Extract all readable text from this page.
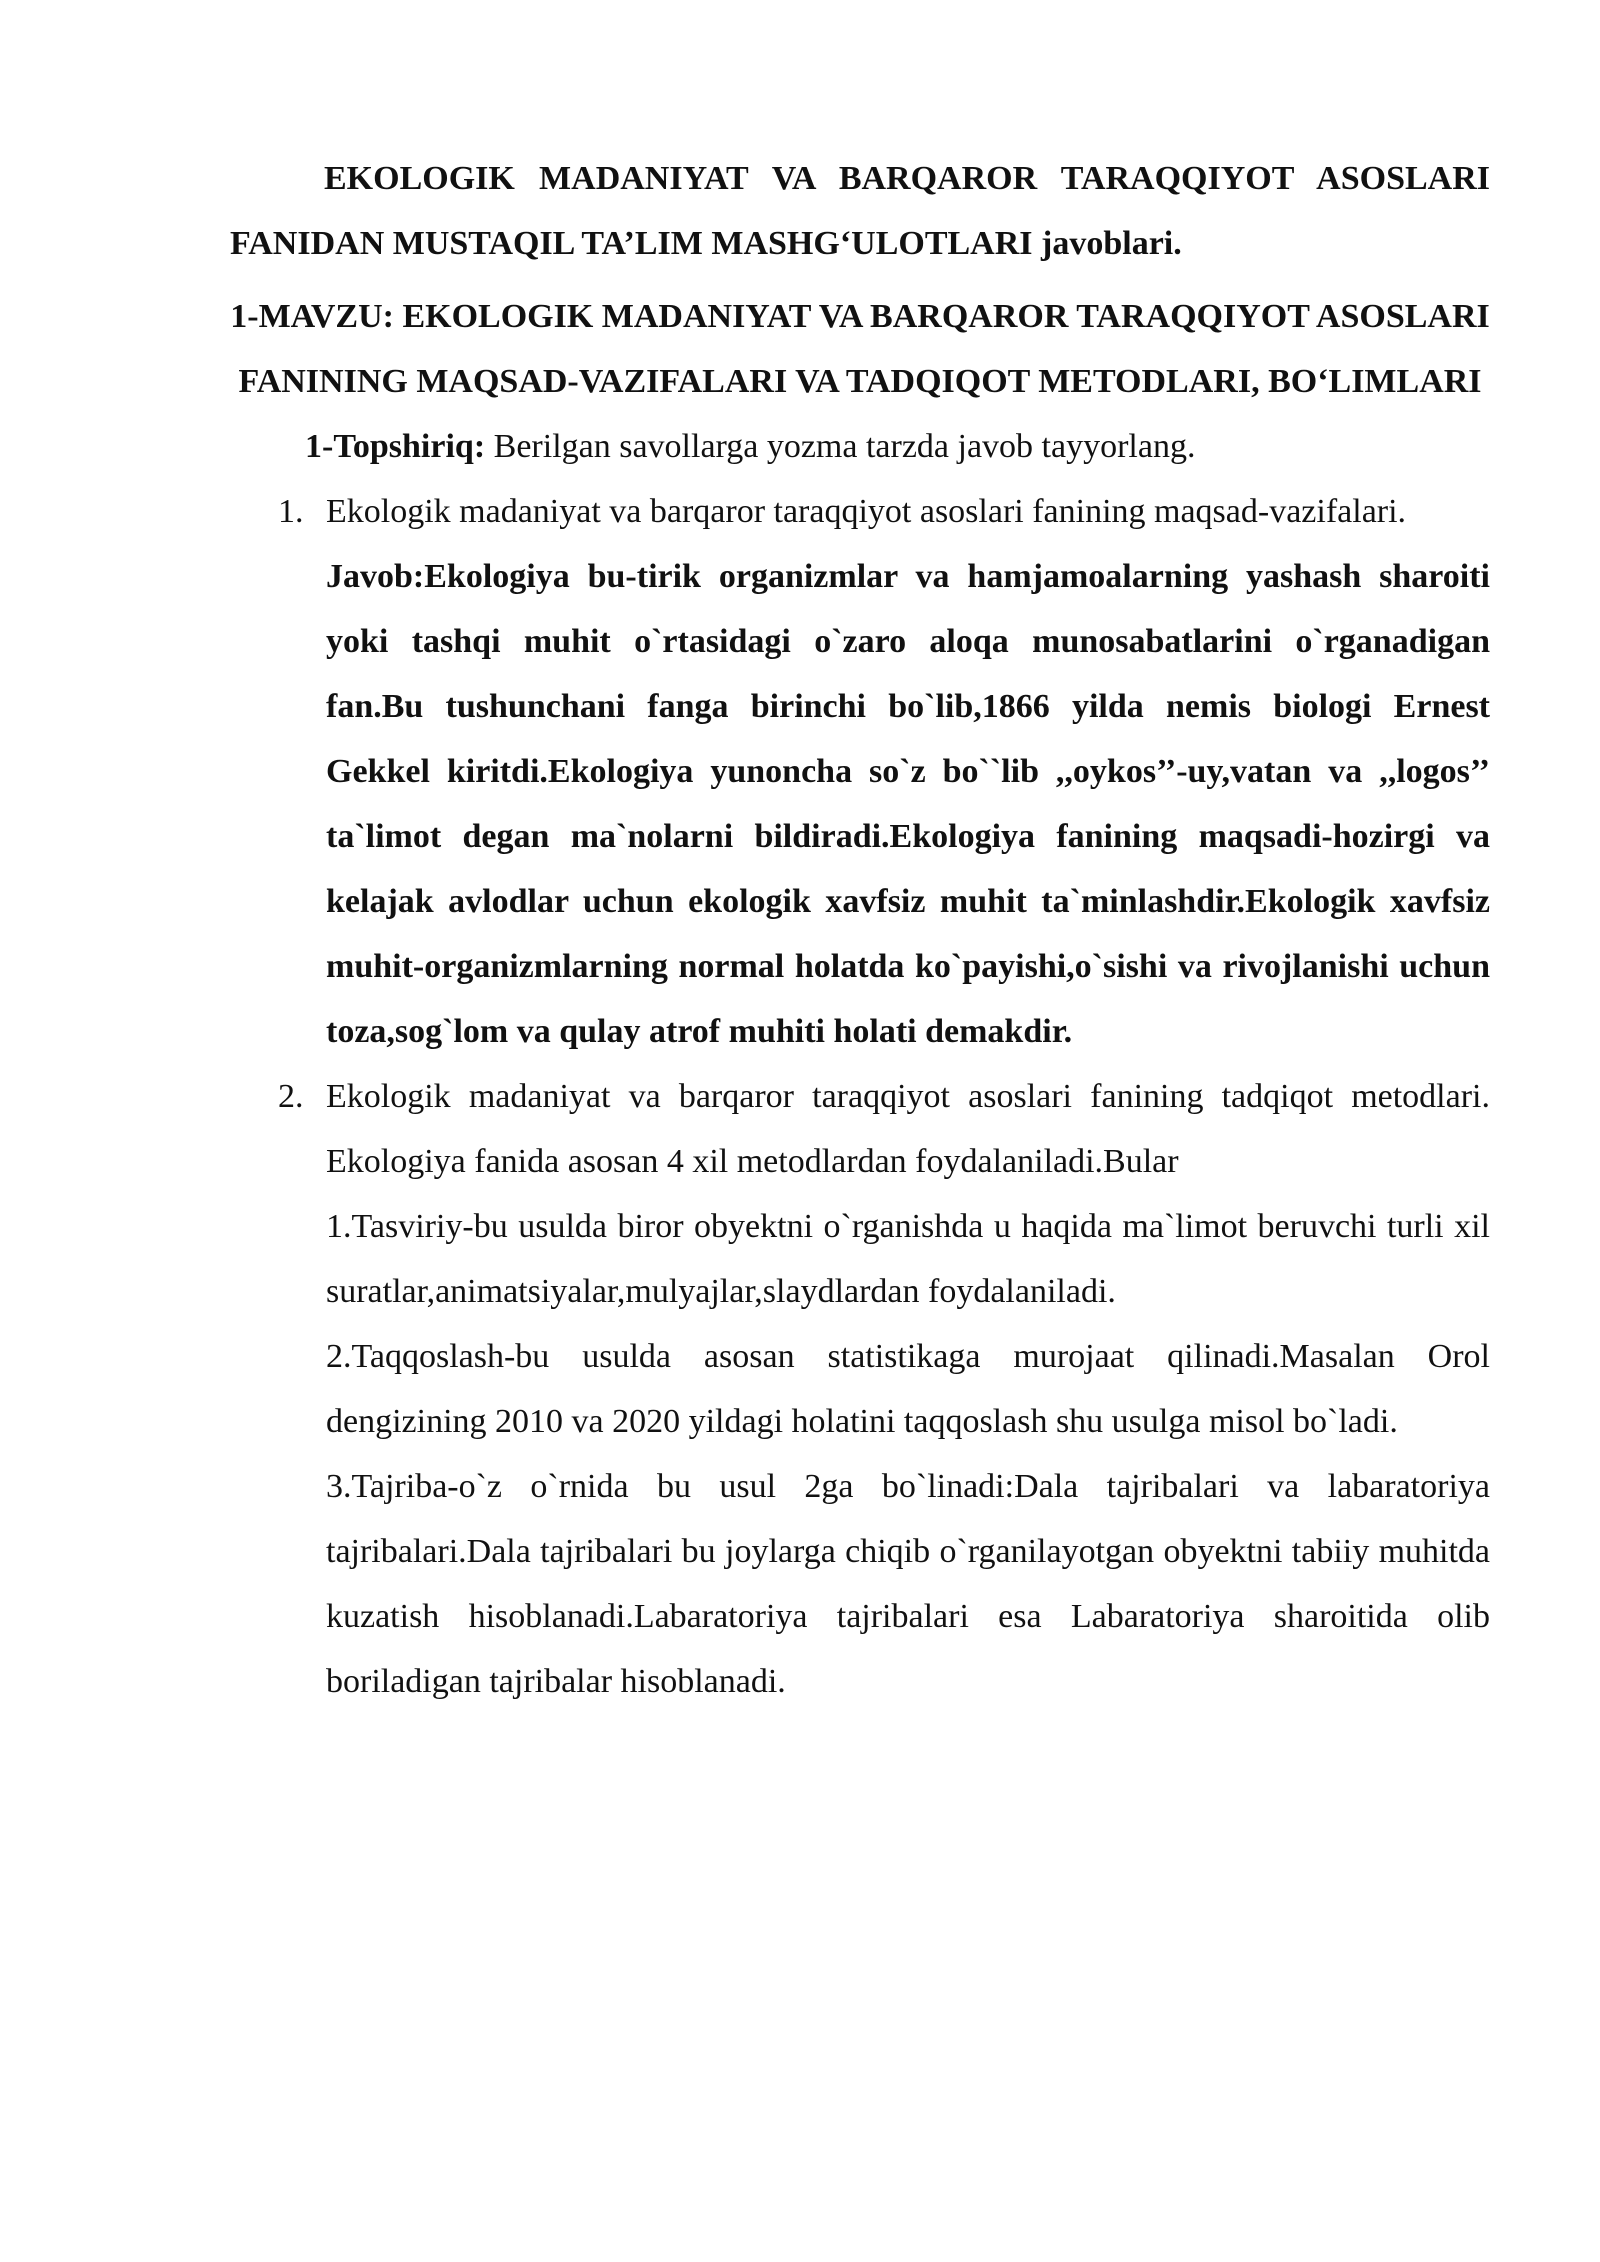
EKOLOGIK MADANIYAT VA BARQAROR TARAQQIYOT ASOSLARI FANIDAN MUSTAQIL TA’LIM MASHG‘ULOTLARI javoblari.

1-MAVZU: EKOLOGIK MADANIYAT VA BARQAROR TARAQQIYOT ASOSLARI FANINING MAQSAD-VAZIFALARI VA TADQIQOT METODLARI, BO‘LIMLARI

1-Topshiriq: Berilgan savollarga yozma tarzda javob tayyorlang.

1. Ekologik madaniyat va barqaror taraqqiyot asoslari fanining maqsad-vazifalari.

Javob:Ekologiya bu-tirik organizmlar va hamjamoalarning yashash sharoiti yoki tashqi muhit o`rtasidagi o`zaro aloqa munosabatlarini o`rganadigan fan.Bu tushunchani fanga birinchi bo`lib,1866 yilda nemis biologi Ernest Gekkel kiritdi.Ekologiya yunoncha so`z bo``lib ,,oykos’’-uy,vatan va ,,logos’’ ta`limot degan ma`nolarni bildiradi.Ekologiya fanining maqsadi-hozirgi va kelajak avlodlar uchun ekologik xavfsiz muhit ta`minlashdir.Ekologik xavfsiz muhit-organizmlarning normal holatda ko`payishi,o`sishi va rivojlanishi uchun toza,sog`lom va qulay atrof muhiti holati demakdir.

2. Ekologik madaniyat va barqaror taraqqiyot asoslari fanining tadqiqot metodlari. Ekologiya fanida asosan 4 xil metodlardan foydalaniladi.Bular

1.Tasviriy-bu usulda biror obyektni o`rganishda u haqida ma`limot beruvchi turli xil suratlar,animatsiyalar,mulyajlar,slaydlardan foydalaniladi.

2.Taqqoslash-bu usulda asosan statistikaga murojaat qilinadi.Masalan Orol dengizining 2010 va 2020 yildagi holatini taqqoslash shu usulga misol bo`ladi.

3.Tajriba-o`z o`rnida bu usul 2ga bo`linadi:Dala tajribalari va labaratoriya tajribalari.Dala tajribalari bu joylarga chiqib o`rganilayotgan obyektni tabiiy muhitda kuzatish hisoblanadi.Labaratoriya tajribalari esa Labaratoriya sharoitida olib boriladigan tajribalar hisoblanadi.
